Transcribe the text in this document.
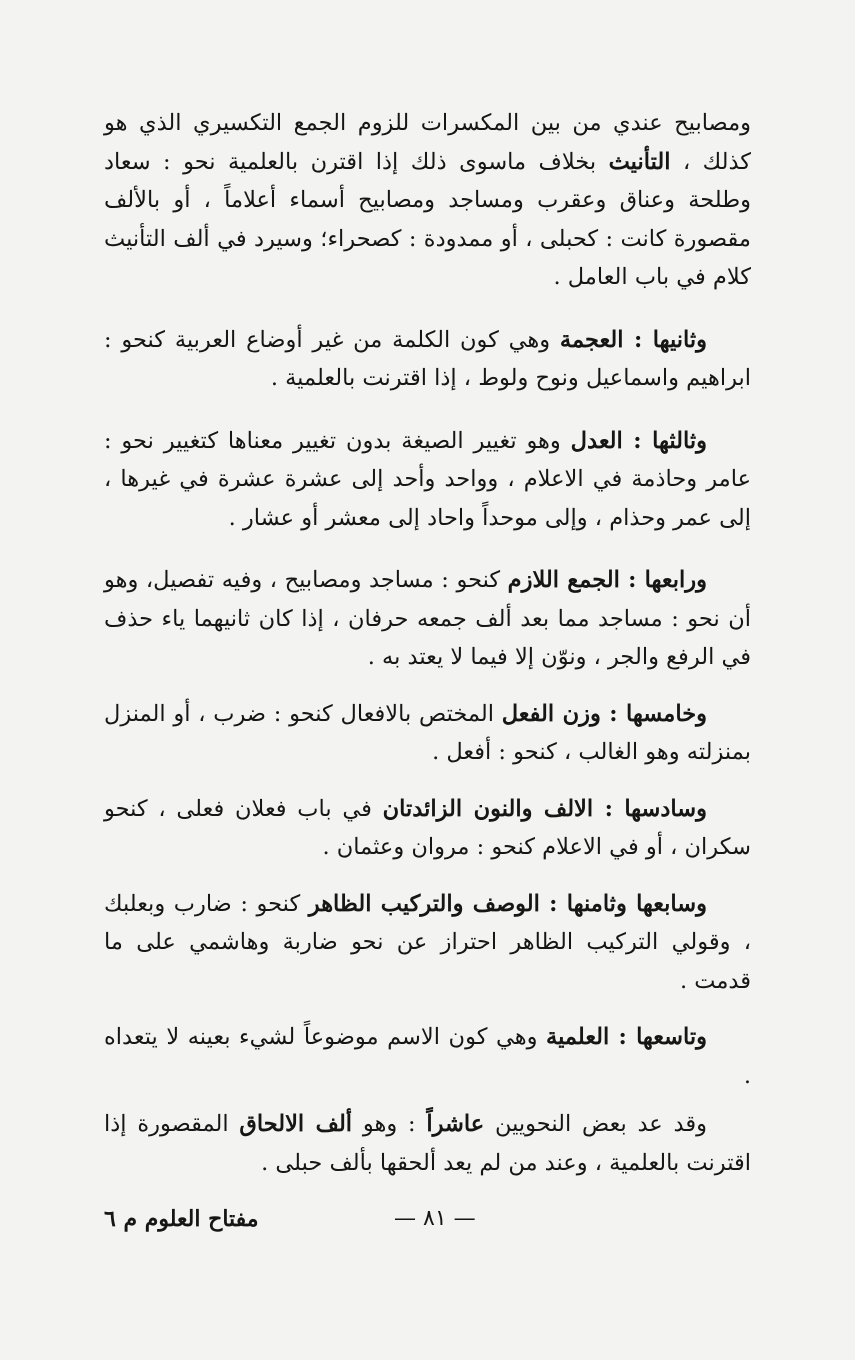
ومصابيح عندي من بين المكسرات للزوم الجمع التكسيري الذي هو كذلك ، التأنيث بخلاف ماسوى ذلك إذا اقترن بالعلمية نحو : سعاد وطلحة وعناق وعقرب ومساجد ومصابيح أسماء أعلاماً ، أو بالألف مقصورة كانت : كحبلى ، أو ممدودة : كصحراء؛ وسيرد في ألف التأنيث كلام في باب العامل .

وثانيها : العجمة وهي كون الكلمة من غير أوضاع العربية كنحو : ابراهيم واسماعيل ونوح ولوط ، إذا اقترنت بالعلمية .

وثالثها : العدل وهو تغيير الصيغة بدون تغيير معناها كتغيير نحو : عامر وحاذمة في الاعلام ، وواحد وأحد إلى عشرة عشرة في غيرها ، إلى عمر وحذام ، وإلى موحداً واحاد إلى معشر أو عشار .

ورابعها : الجمع اللازم كنحو : مساجد ومصابيح ، وفيه تفصيل، وهو أن نحو : مساجد مما بعد ألف جمعه حرفان ، إذا كان ثانيهما ياء حذف في الرفع والجر ، ونوّن إلا فيما لا يعتد به .

وخامسها : وزن الفعل المختص بالافعال كنحو : ضرب ، أو المنزل بمنزلته وهو الغالب ، كنحو : أفعل .

وسادسها : الالف والنون الزائدتان في باب فعلان فعلى ، كنحو سكران ، أو في الاعلام كنحو : مروان وعثمان .

وسابعها وثامنها : الوصف والتركيب الظاهر كنحو : ضارب وبعلبك ، وقولي التركيب الظاهر احتراز عن نحو ضاربة وهاشمي على ما قدمت .

وتاسعها : العلمية وهي كون الاسم موضوعاً لشيء بعينه لا يتعداه .

وقد عد بعض النحويين عاشراً : وهو ألف الالحاق المقصورة إذا اقترنت بالعلمية ، وعند من لم يعد ألحقها بألف حبلى .

مفتاح العلوم م ٦	— ٨١ —
